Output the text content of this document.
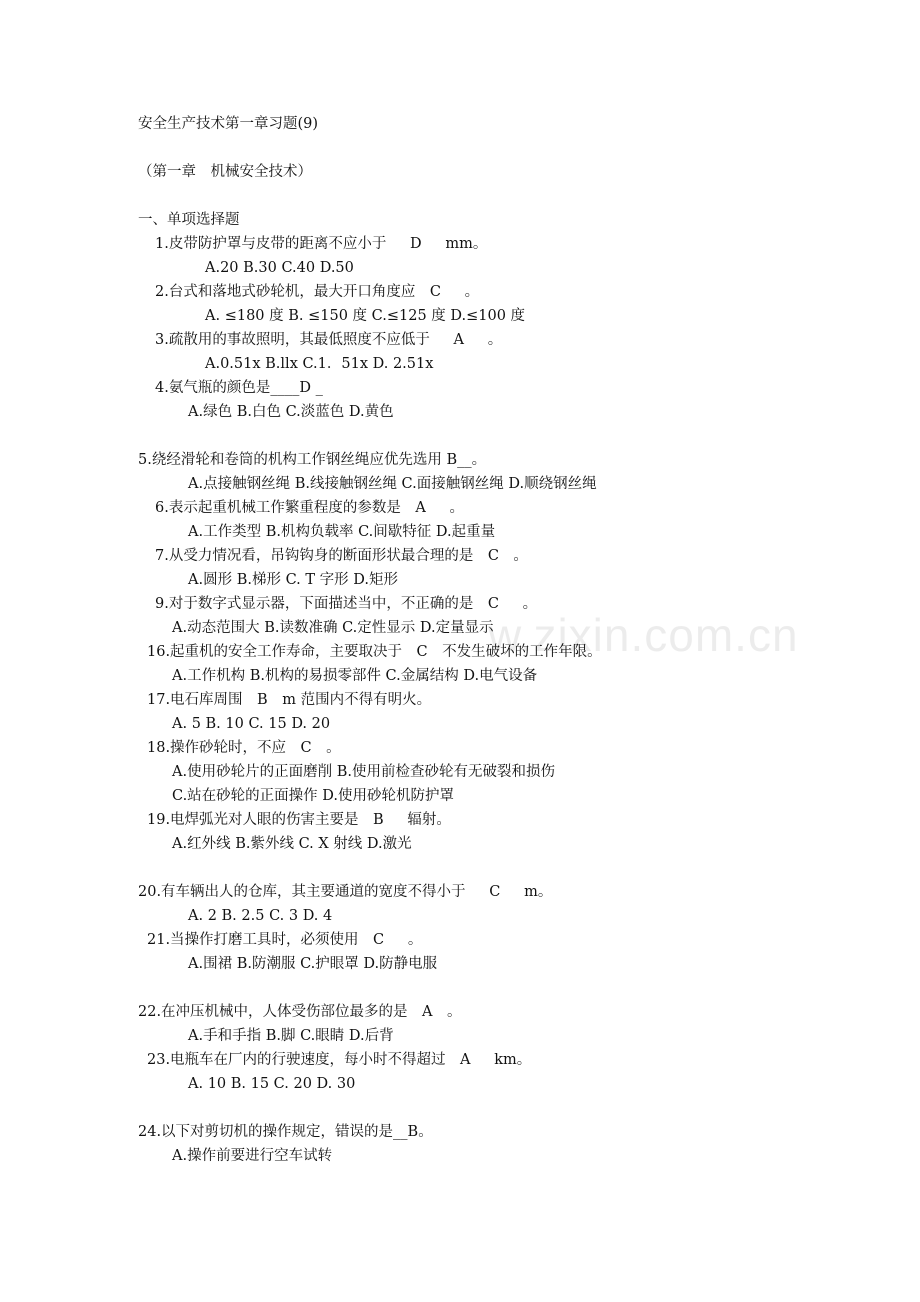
安全生产技术第一章习题(9)
（第一章　机械安全技术）
一、单项选择题
1.皮带防护罩与皮带的距离不应小于　  D　  mm。
A.20 B.30 C.40 D.50
2.台式和落地式砂轮机，最大开口角度应　C　  。
A. ≤180 度 B. ≤150 度 C.≤125 度 D.≤100 度
3.疏散用的事故照明，其最低照度不应低于　  A　  。
A.0.51x B.llx C.1．51x D. 2.51x
4.氨气瓶的颜色是____D _
A.绿色 B.白色 C.淡蓝色 D.黄色
5.绕经滑轮和卷筒的机构工作钢丝绳应优先选用 B__。
A.点接触钢丝绳 B.线接触钢丝绳 C.面接触钢丝绳 D.顺绕钢丝绳
6.表示起重机械工作繁重程度的参数是　A　  。
A.工作类型 B.机构负载率 C.间歇特征 D.起重量
7.从受力情况看，吊钩钩身的断面形状最合理的是　C　。
A.圆形 B.梯形 C. T 字形 D.矩形
9.对于数字式显示器，下面描述当中，不正确的是　C　  。
A.动态范围大 B.读数准确 C.定性显示 D.定量显示
16.起重机的安全工作寿命，主要取决于　C　不发生破坏的工作年限。
A.工作机构 B.机构的易损零部件 C.金属结构 D.电气设备
17.电石库周围　B　m 范围内不得有明火。
A. 5 B. 10 C. 15 D. 20
18.操作砂轮时，不应　C　。
A.使用砂轮片的正面磨削 B.使用前检查砂轮有无破裂和损伤
C.站在砂轮的正面操作 D.使用砂轮机防护罩
19.电焊弧光对人眼的伤害主要是　B　  辐射。
A.红外线 B.紫外线 C. X 射线 D.激光
20.有车辆出人的仓库，其主要通道的宽度不得小于　  C　  m。
A. 2 B. 2.5 C. 3 D. 4
21.当操作打磨工具时，必须使用　C　  。
A.围裙 B.防潮服 C.护眼罩 D.防静电服
22.在冲压机械中，人体受伤部位最多的是　A　。
A.手和手指 B.脚 C.眼睛 D.后背
23.电瓶车在厂内的行驶速度，每小时不得超过　A　  km。
A. 10 B. 15 C. 20 D. 30
24.以下对剪切机的操作规定，错误的是__B。
A.操作前要进行空车试转
w.zixin.com.cn
